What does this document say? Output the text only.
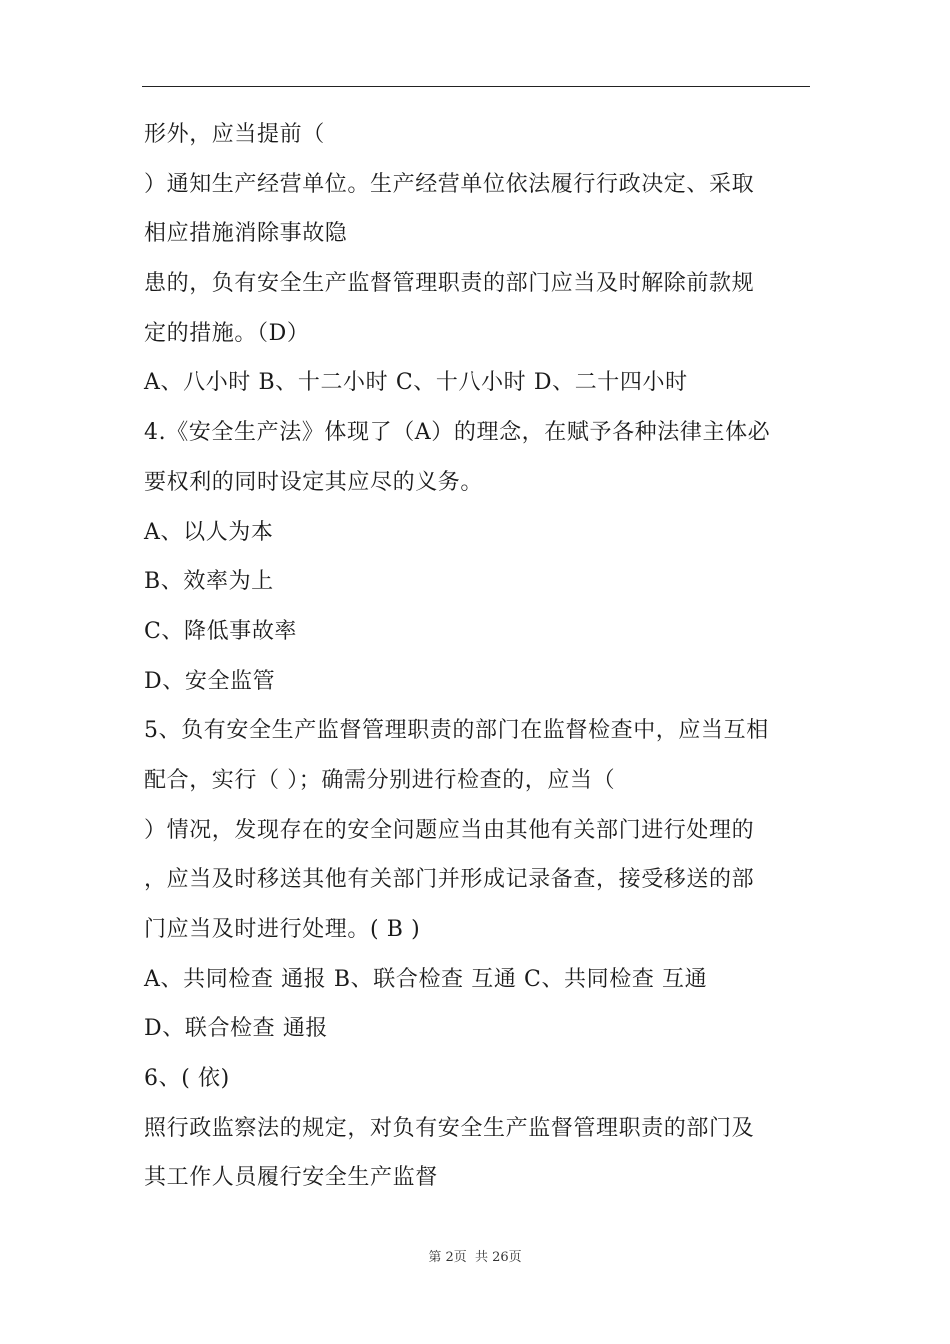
形外，应当提前（
）通知生产经营单位。生产经营单位依法履行行政决定、采取
相应措施消除事故隐
患的，负有安全生产监督管理职责的部门应当及时解除前款规
定的措施。（D）
A、八小时 B、十二小时 C、十八小时 D、二十四小时
4.《安全生产法》体现了（A）的理念，在赋予各种法律主体必
要权利的同时设定其应尽的义务。
A、以人为本
B、效率为上
C、降低事故率
D、安全监管
5、负有安全生产监督管理职责的部门在监督检查中，应当互相
配合，实行（ ）；确需分别进行检查的，应当（
）情况，发现存在的安全问题应当由其他有关部门进行处理的
，应当及时移送其他有关部门并形成记录备查，接受移送的部
门应当及时进行处理。( B )
A、共同检查 通报 B、联合检查 互通 C、共同检查 互通
D、联合检查 通报
6、( 依)
照行政监察法的规定，对负有安全生产监督管理职责的部门及
其工作人员履行安全生产监督
第 2页  共 26页
